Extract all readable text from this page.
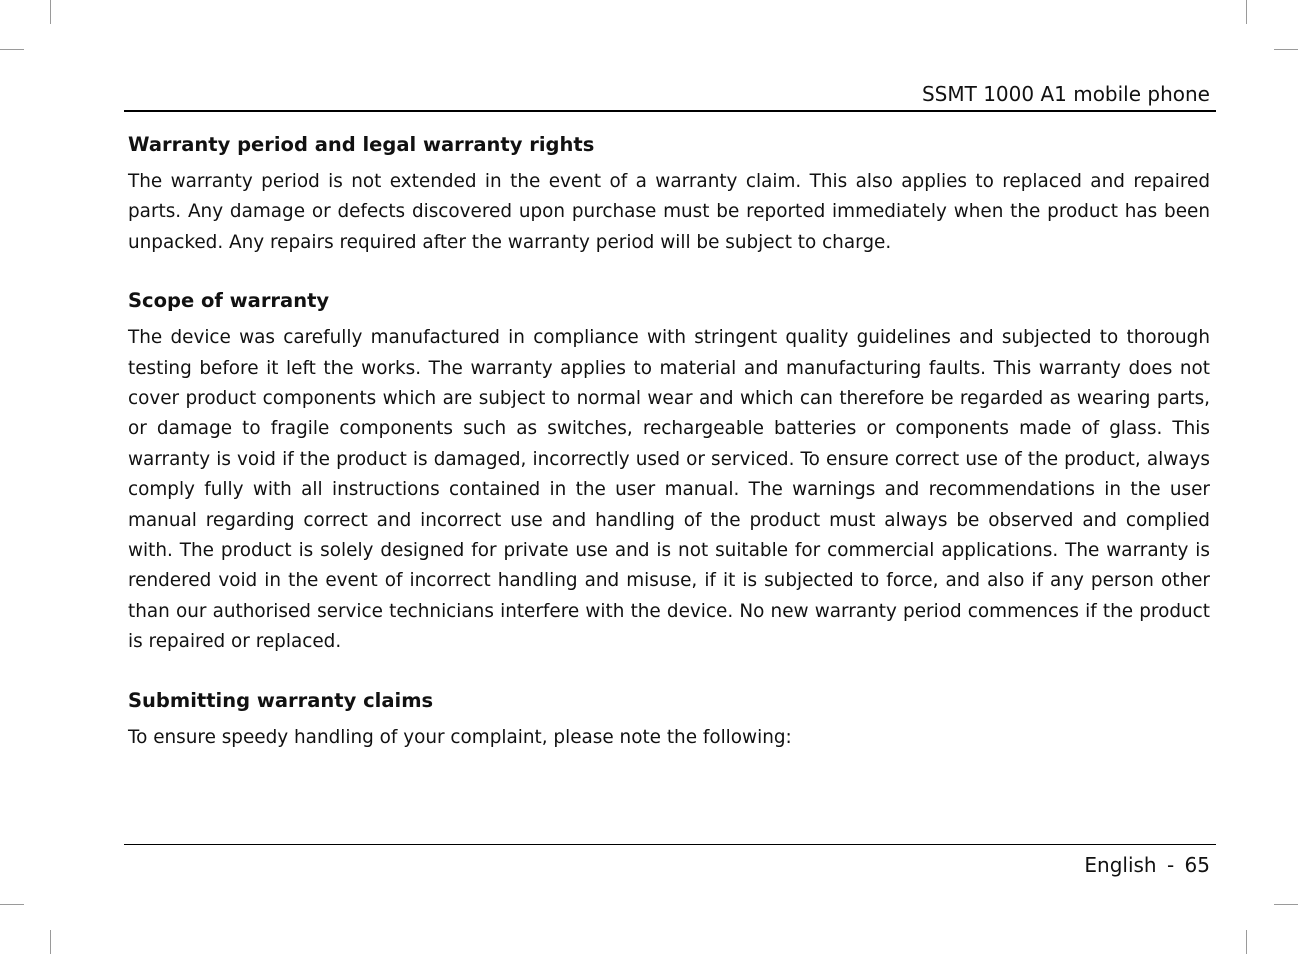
SSMT 1000 A1 mobile phone
Warranty period and legal warranty rights

The warranty period is not extended in the event of a warranty claim. This also applies to replaced and repaired parts. Any damage or defects discovered upon purchase must be reported immediately when the product has been unpacked. Any repairs required after the warranty period will be subject to charge.

Scope of warranty

The device was carefully manufactured in compliance with stringent quality guidelines and subjected to thorough testing before it left the works. The warranty applies to material and manufacturing faults. This warranty does not cover product components which are subject to normal wear and which can therefore be regarded as wearing parts, or damage to fragile components such as switches, rechargeable batteries or components made of glass. This warranty is void if the product is damaged, incorrectly used or serviced. To ensure correct use of the product, always comply fully with all instructions contained in the user manual. The warnings and recommendations in the user manual regarding correct and incorrect use and handling of the product must always be observed and complied with. The product is solely designed for private use and is not suitable for commercial applications. The warranty is rendered void in the event of incorrect handling and misuse, if it is subjected to force, and also if any person other than our authorised service technicians interfere with the device. No new warranty period commences if the product is repaired or replaced.

Submitting warranty claims

To ensure speedy handling of your complaint, please note the following:

English - 65
